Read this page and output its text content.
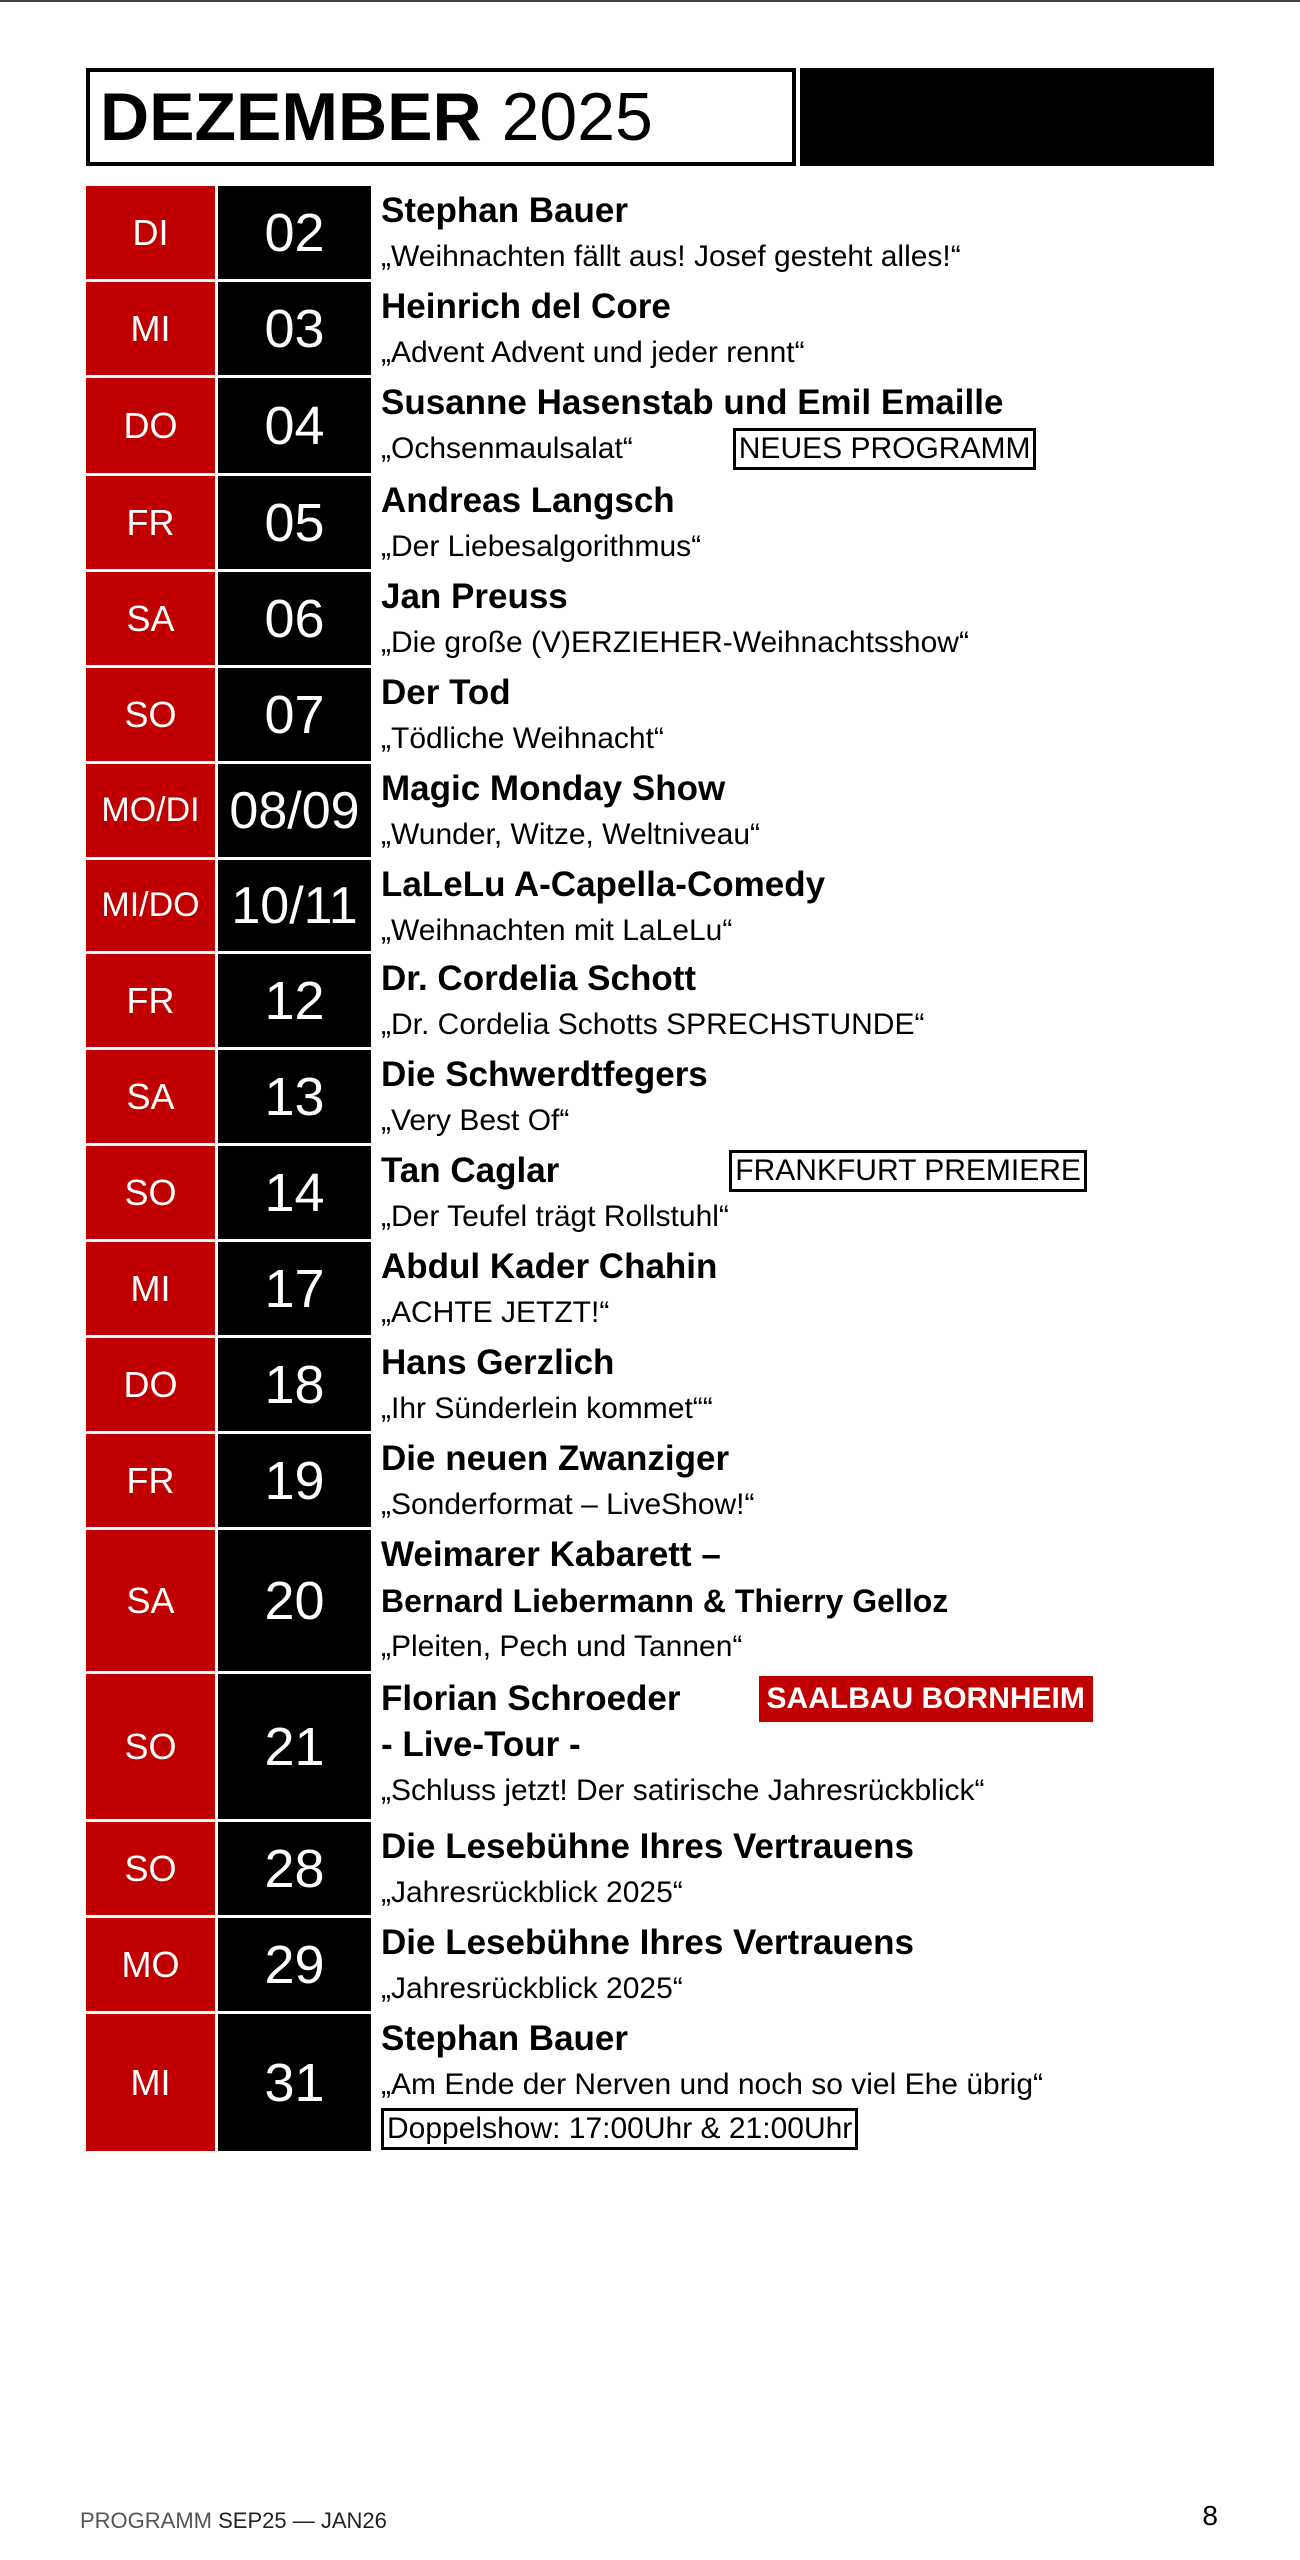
DEZEMBER 2025
DI	02	Stephan Bauer
„Weihnachten fällt aus! Josef gesteht alles!“
MI	03	Heinrich del Core
„Advent Advent und jeder rennt“
DO	04	Susanne Hasenstab und Emil Emaille
„Ochsenmaulsalat“	NEUES PROGRAMM
FR	05	Andreas Langsch
„Der Liebesalgorithmus“
SA	06	Jan Preuss
„Die große (V)ERZIEHER-Weihnachtsshow“
SO	07	Der Tod
„Tödliche Weihnacht“
MO/DI 08/09 Magic Monday Show
„Wunder, Witze, Weltniveau“
MI/DO 10/11 LaLeLu A-Capella-Comedy
„Weihnachten mit LaLeLu“
FR	12	Dr. Cordelia Schott
„Dr. Cordelia Schotts SPRECHSTUNDE“
SA	13	Die Schwerdtfegers
„Very Best Of“
SO	14	Tan Caglar	FRANKFURT PREMIERE
„Der Teufel trägt Rollstuhl“
MI	17	Abdul Kader Chahin
„ACHTE JETZT!“
DO	18	Hans Gerzlich
„Ihr Sünderlein kommet““
FR	19	Die neuen Zwanziger
„Sonderformat – LiveShow!“
SA	20
Weimarer Kabarett –
Bernard Liebermann & Thierry Gelloz
„Pleiten, Pech und Tannen“
SO	21
Florian Schroeder	SAALBAU BORNHEIM
- Live-Tour -
„Schluss jetzt! Der satirische Jahresrückblick“
SO	28	Die Lesebühne Ihres Vertrauens
„Jahresrückblick 2025“
MO	29	Die Lesebühne Ihres Vertrauens
„Jahresrückblick 2025“
MI	31
Stephan Bauer
„Am Ende der Nerven und noch so viel Ehe übrig“
Doppelshow: 17:00Uhr & 21:00Uhr
PROGRAMM SEP25 — JAN26	8
